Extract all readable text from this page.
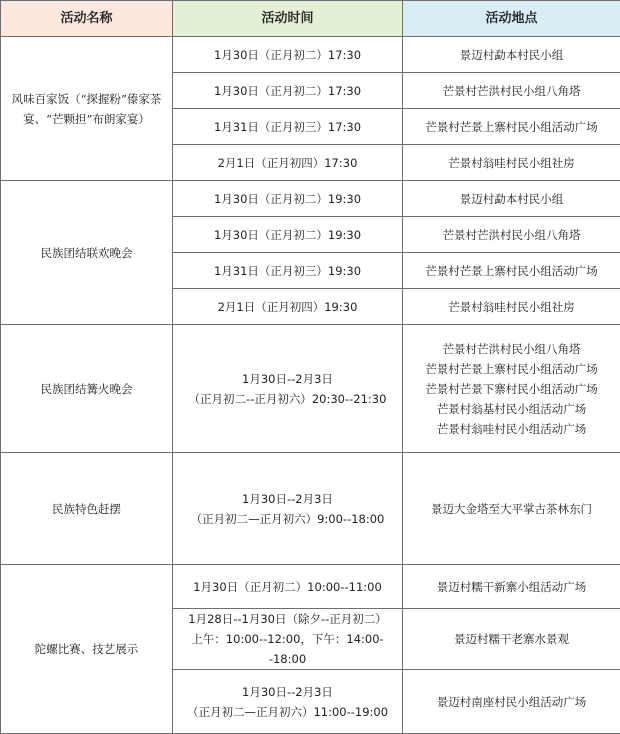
活动名称	活动时间	活动地点

风味百家饭（“探握粉”傣家茶
宴、“芒颗担”布朗家宴）	1月30日（正月初二）17:30	景迈村勐本村民小组

	1月30日（正月初二）17:30	芒景村芒洪村民小组八角塔

	1月31日（正月初三）17:30	芒景村芒景上寨村民小组活动广场

	2月1日（正月初四）17:30	芒景村翁哇村民小组社房

民族团结联欢晚会	1月30日（正月初二）19:30	景迈村勐本村民小组

	1月30日（正月初二）19:30	芒景村芒洪村民小组八角塔

	1月31日（正月初三）19:30	芒景村芒景上寨村民小组活动广场

	2月1日（正月初四）19:30	芒景村翁哇村民小组社房

民族团结篝火晚会	1月30日--2月3日
（正月初二--正月初六）20:30--21:30	芒景村芒洪村民小组八角塔
芒景村芒景上寨村民小组活动广场
芒景村芒景下寨村民小组活动广场
芒景村翁基村民小组活动广场
芒景村翁哇村民小组活动广场

民族特色赶摆	1月30日--2月3日
（正月初二—正月初六）9:00--18:00	景迈大金塔至大平掌古茶林东门

陀螺比赛、技艺展示	1月30日（正月初二）10:00--11:00	景迈村糯干新寨小组活动广场

	1月28日--1月30日（除夕--正月初二）
上午：10:00--12:00，下午：14:00--18:00	景迈村糯干老寨水景观

	1月30日--2月3日
（正月初二—正月初六）11:00--19:00	景迈村南座村民小组活动广场
